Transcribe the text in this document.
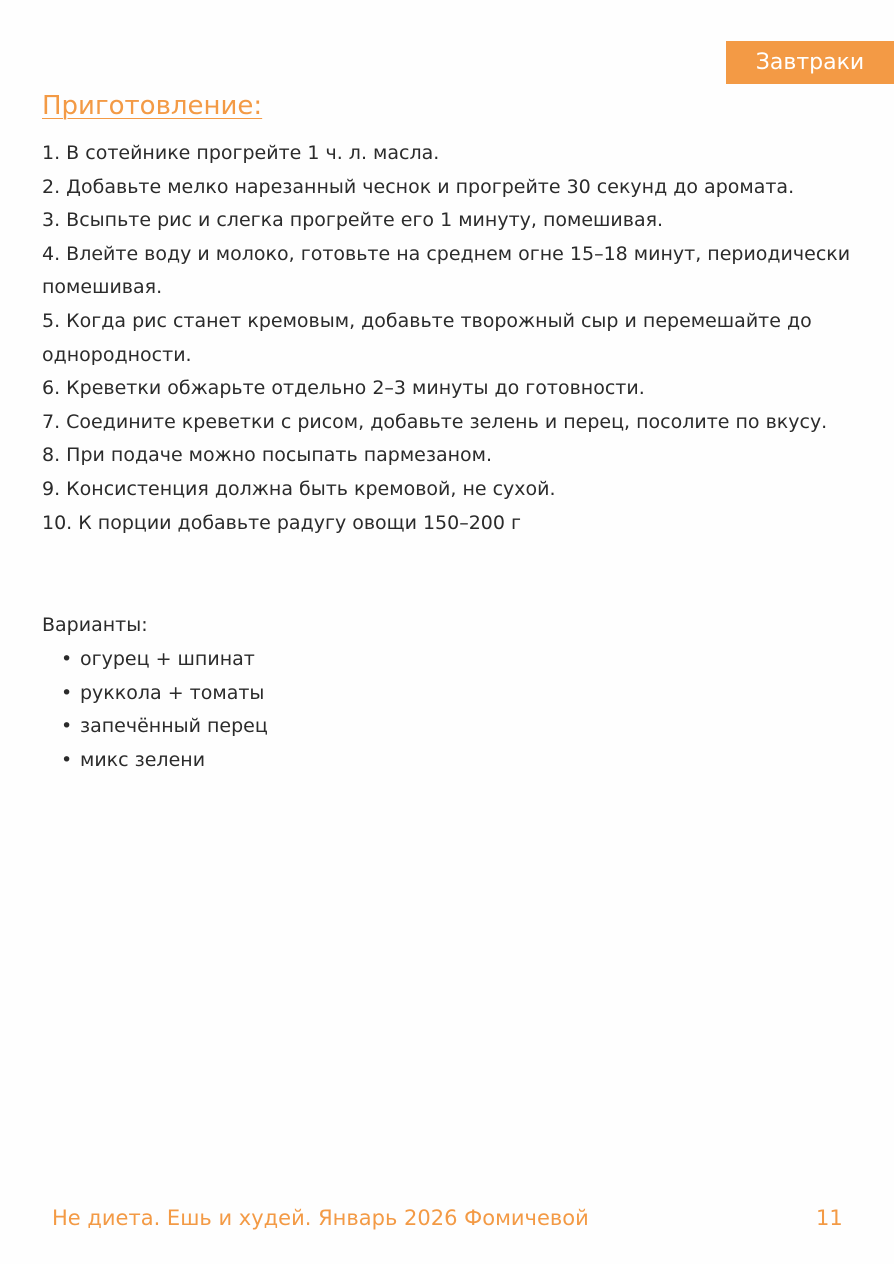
Завтраки
Приготовление:
1. В сотейнике прогрейте 1 ч. л. масла.
2. Добавьте мелко нарезанный чеснок и прогрейте 30 секунд до аромата.
3. Всыпьте рис и слегка прогрейте его 1 минуту, помешивая.
4. Влейте воду и молоко, готовьте на среднем огне 15–18 минут, периодически помешивая.
5. Когда рис станет кремовым, добавьте творожный сыр и перемешайте до однородности.
6. Креветки обжарьте отдельно 2–3 минуты до готовности.
7. Соедините креветки с рисом, добавьте зелень и перец, посолите по вкусу.
8. При подаче можно посыпать пармезаном.
9. Консистенция должна быть кремовой, не сухой.
10. К порции добавьте радугу овощи 150–200 г
Варианты:
• огурец + шпинат
• руккола + томаты
• запечённый перец
• микс зелени
Не диета. Ешь и худей. Январь 2026 Фомичевой	11
